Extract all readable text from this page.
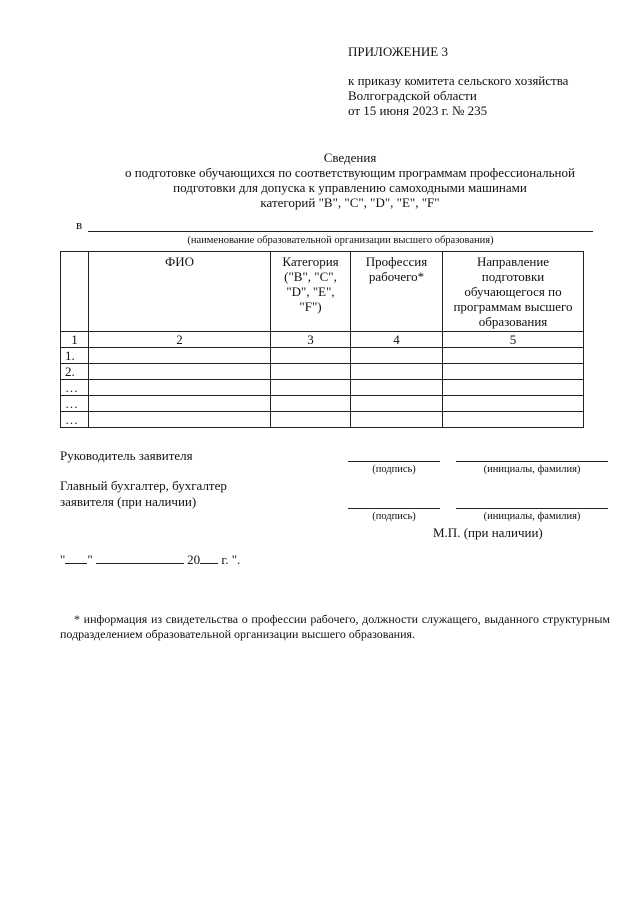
ПРИЛОЖЕНИЕ 3
к приказу комитета сельского хозяйства
Волгоградской области
от 15 июня 2023 г. № 235
Сведения
о подготовке обучающихся по соответствующим программам профессиональной
подготовки для допуска к управлению самоходными машинами
категорий "В", "С", "D", "Е", "F"
в
(наименование образовательной организации высшего образования)
	ФИО	Категория ("В", "С", "D", "Е", "F")	Профессия рабочего*	Направление подготовки обучающегося по программам высшего образования
1	2	3	4	5
1.				
2.				
…				
…				
…				
Руководитель заявителя
(подпись)	(инициалы, фамилия)
Главный бухгалтер, бухгалтер
заявителя (при наличии)
(подпись)	(инициалы, фамилия)
М.П. (при наличии)
" "	20 г. ".
* информация из свидетельства о профессии рабочего, должности служащего, выданного структурным подразделением образовательной организации высшего образования.
